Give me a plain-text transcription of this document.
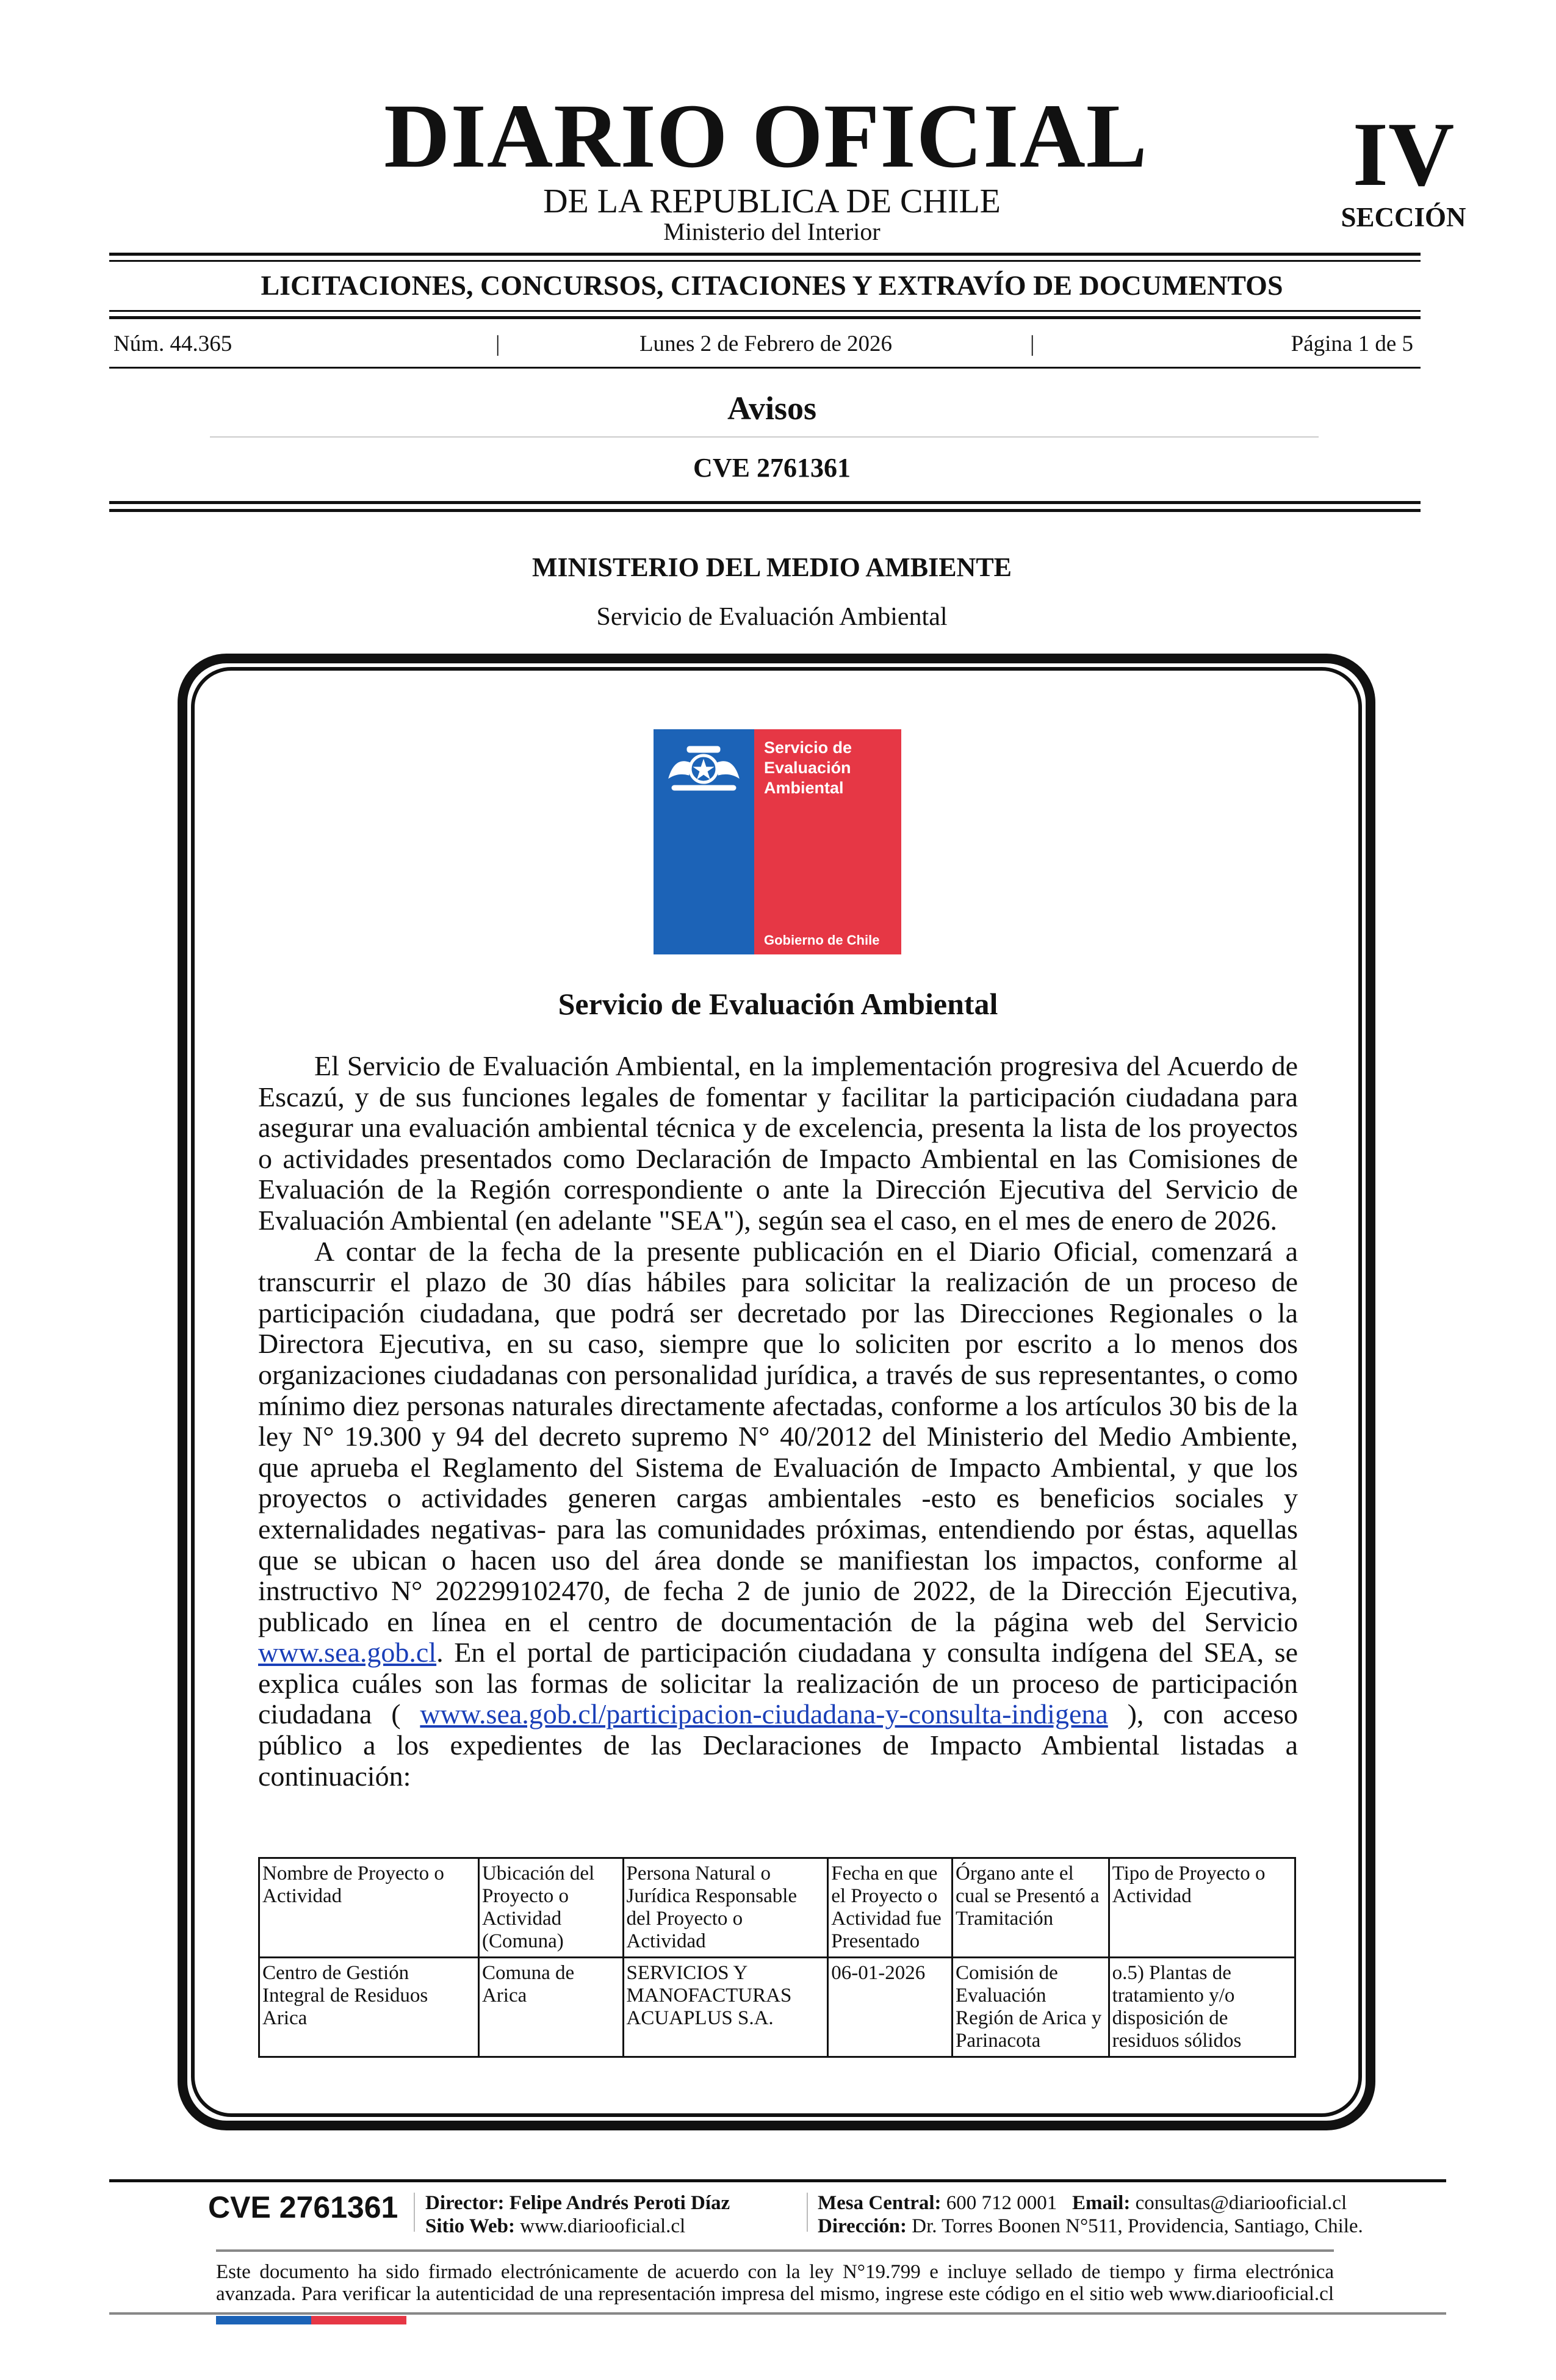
DIARIO OFICIAL
DE LA REPUBLICA DE CHILE
Ministerio del Interior
IV
SECCIÓN
LICITACIONES, CONCURSOS, CITACIONES Y EXTRAVÍO DE DOCUMENTOS
Núm. 44.365	|	Lunes 2 de Febrero de 2026	|	Página 1 de 5
Avisos
CVE 2761361
MINISTERIO DEL MEDIO AMBIENTE
Servicio de Evaluación Ambiental
Servicio de
Evaluación
Ambiental
Gobierno de Chile
Servicio de Evaluación Ambiental

El Servicio de Evaluación Ambiental, en la implementación progresiva del Acuerdo de Escazú, y de sus funciones legales de fomentar y facilitar la participación ciudadana para asegurar una evaluación ambiental técnica y de excelencia, presenta la lista de los proyectos o actividades presentados como Declaración de Impacto Ambiental en las Comisiones de Evaluación de la Región correspondiente o ante la Dirección Ejecutiva del Servicio de Evaluación Ambiental (en adelante "SEA"), según sea el caso, en el mes de enero de 2026.

A contar de la fecha de la presente publicación en el Diario Oficial, comenzará a transcurrir el plazo de 30 días hábiles para solicitar la realización de un proceso de participación ciudadana, que podrá ser decretado por las Direcciones Regionales o la Directora Ejecutiva, en su caso, siempre que lo soliciten por escrito a lo menos dos organizaciones ciudadanas con personalidad jurídica, a través de sus representantes, o como mínimo diez personas naturales directamente afectadas, conforme a los artículos 30 bis de la ley N° 19.300 y 94 del decreto supremo N° 40/2012 del Ministerio del Medio Ambiente, que aprueba el Reglamento del Sistema de Evaluación de Impacto Ambiental, y que los proyectos o actividades generen cargas ambientales -esto es beneficios sociales y externalidades negativas- para las comunidades próximas, entendiendo por éstas, aquellas que se ubican o hacen uso del área donde se manifiestan los impactos, conforme al instructivo N° 202299102470, de fecha 2 de junio de 2022, de la Dirección Ejecutiva, publicado en línea en el centro de documentación de la página web del Servicio www.sea.gob.cl. En el portal de participación ciudadana y consulta indígena del SEA, se explica cuáles son las formas de solicitar la realización de un proceso de participación ciudadana ( www.sea.gob.cl/participacion-ciudadana-y-consulta-indigena ), con acceso público a los expedientes de las Declaraciones de Impacto Ambiental listadas a continuación:

Nombre de Proyecto o Actividad	Ubicación del Proyecto o Actividad (Comuna)	Persona Natural o Jurídica Responsable del Proyecto o Actividad	Fecha en que el Proyecto o Actividad fue Presentado	Órgano ante el cual se Presentó a Tramitación	Tipo de Proyecto o Actividad
Centro de Gestión Integral de Residuos Arica	Comuna de Arica	SERVICIOS Y MANOFACTURAS ACUAPLUS S.A.	06-01-2026	Comisión de Evaluación Región de Arica y Parinacota	o.5) Plantas de tratamiento y/o disposición de residuos sólidos
CVE 2761361 Director: Felipe Andrés Peroti Díaz
Sitio Web: www.diariooficial.cl
Mesa Central: 600 712 0001 Email: consultas@diariooficial.cl
Dirección: Dr. Torres Boonen N°511, Providencia, Santiago, Chile.
Este documento ha sido firmado electrónicamente de acuerdo con la ley N°19.799 e incluye sellado de tiempo y firma electrónica avanzada. Para verificar la autenticidad de una representación impresa del mismo, ingrese este código en el sitio web www.diariooficial.cl
